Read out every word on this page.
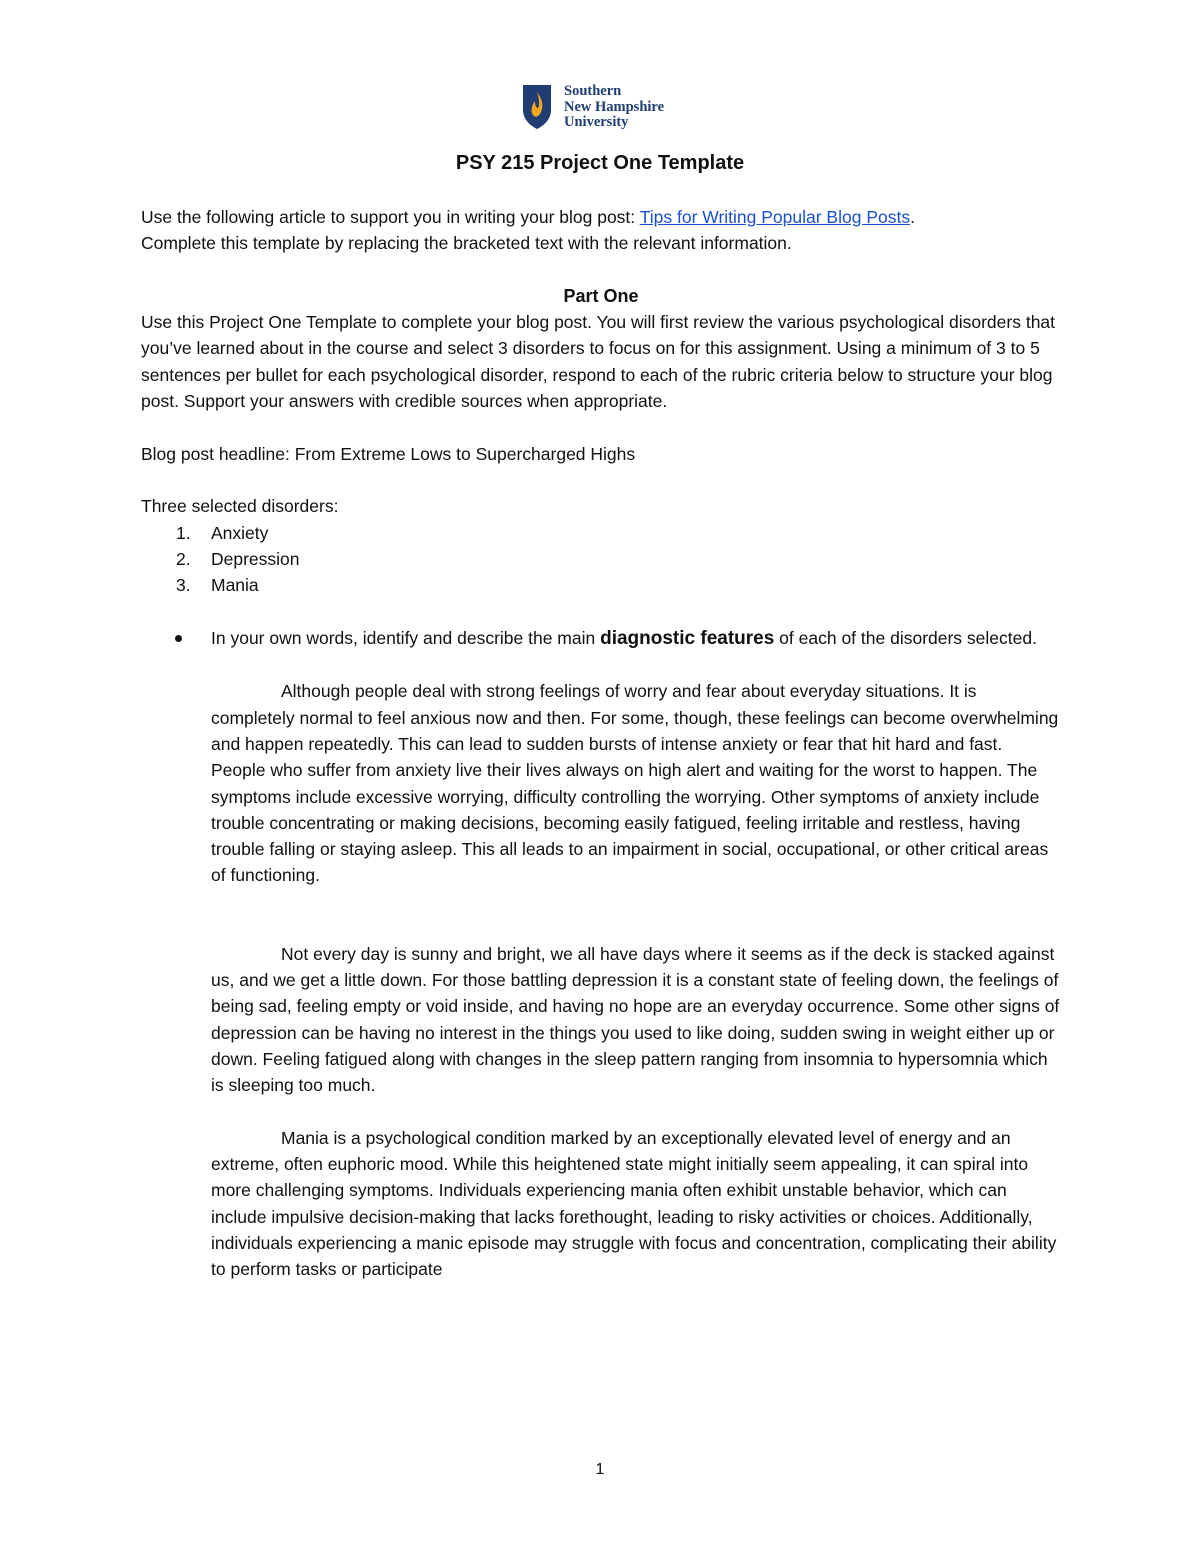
Southern
New Hampshire
University
PSY 215 Project One Template

Use the following article to support you in writing your blog post: Tips for Writing Popular Blog Posts.

Complete this template by replacing the bracketed text with the relevant information.

Part One

Use this Project One Template to complete your blog post. You will first review the various psychological disorders that you’ve learned about in the course and select 3 disorders to focus on for this assignment. Using a minimum of 3 to 5 sentences per bullet for each psychological disorder, respond to each of the rubric criteria below to structure your blog post. Support your answers with credible sources when appropriate.

Blog post headline: From Extreme Lows to Supercharged Highs

Three selected disorders:

1. Anxiety
2. Depression
3. Mania

In your own words, identify and describe the main diagnostic features of each of the disorders selected.

Although people deal with strong feelings of worry and fear about everyday situations. It is completely normal to feel anxious now and then. For some, though, these feelings can become overwhelming and happen repeatedly. This can lead to sudden bursts of intense anxiety or fear that hit hard and fast. People who suffer from anxiety live their lives always on high alert and waiting for the worst to happen. The symptoms include excessive worrying, difficulty controlling the worrying. Other symptoms of anxiety include trouble concentrating or making decisions, becoming easily fatigued, feeling irritable and restless, having trouble falling or staying asleep. This all leads to an impairment in social, occupational, or other critical areas of functioning.

Not every day is sunny and bright, we all have days where it seems as if the deck is stacked against us, and we get a little down. For those battling depression it is a constant state of feeling down, the feelings of being sad, feeling empty or void inside, and having no hope are an everyday occurrence. Some other signs of depression can be having no interest in the things you used to like doing, sudden swing in weight either up or down. Feeling fatigued along with changes in the sleep pattern ranging from insomnia to hypersomnia which is sleeping too much.

Mania is a psychological condition marked by an exceptionally elevated level of energy and an extreme, often euphoric mood. While this heightened state might initially seem appealing, it can spiral into more challenging symptoms. Individuals experiencing mania often exhibit unstable behavior, which can include impulsive decision-making that lacks forethought, leading to risky activities or choices. Additionally, individuals experiencing a manic episode may struggle with focus and concentration, complicating their ability to perform tasks or participate

1
